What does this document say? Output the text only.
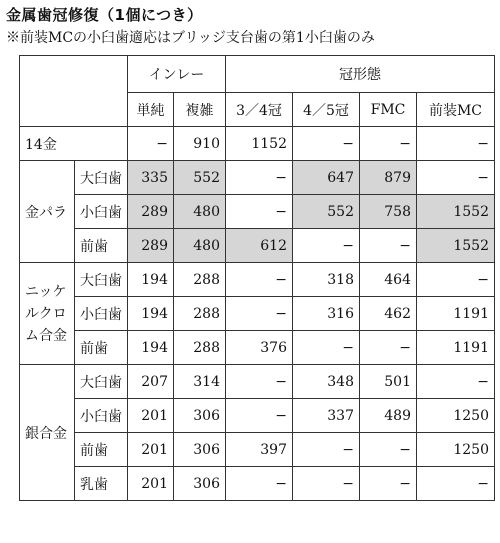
金属歯冠修復（1個につき）
※前装MCの小臼歯適応はブリッジ支台歯の第1小臼歯のみ
		インレー		冠形態			
		単純	複雑	3／4冠	4／5冠	FMC	前装MC
14金		−	910	1152	−	−	−
金パラ	大臼歯	335	552	−	647	879	−
	小臼歯	289	480	−	552	758	1552
	前歯	289	480	612	−	−	1552
ニッケ
ルクロ
ム合金	大臼歯	194	288	−	318	464	−
	小臼歯	194	288	−	316	462	1191
	前歯	194	288	376	−	−	1191
銀合金	大臼歯	207	314	−	348	501	−
	小臼歯	201	306	−	337	489	1250
	前歯	201	306	397	−	−	1250
	乳歯	201	306	−	−	−	−
